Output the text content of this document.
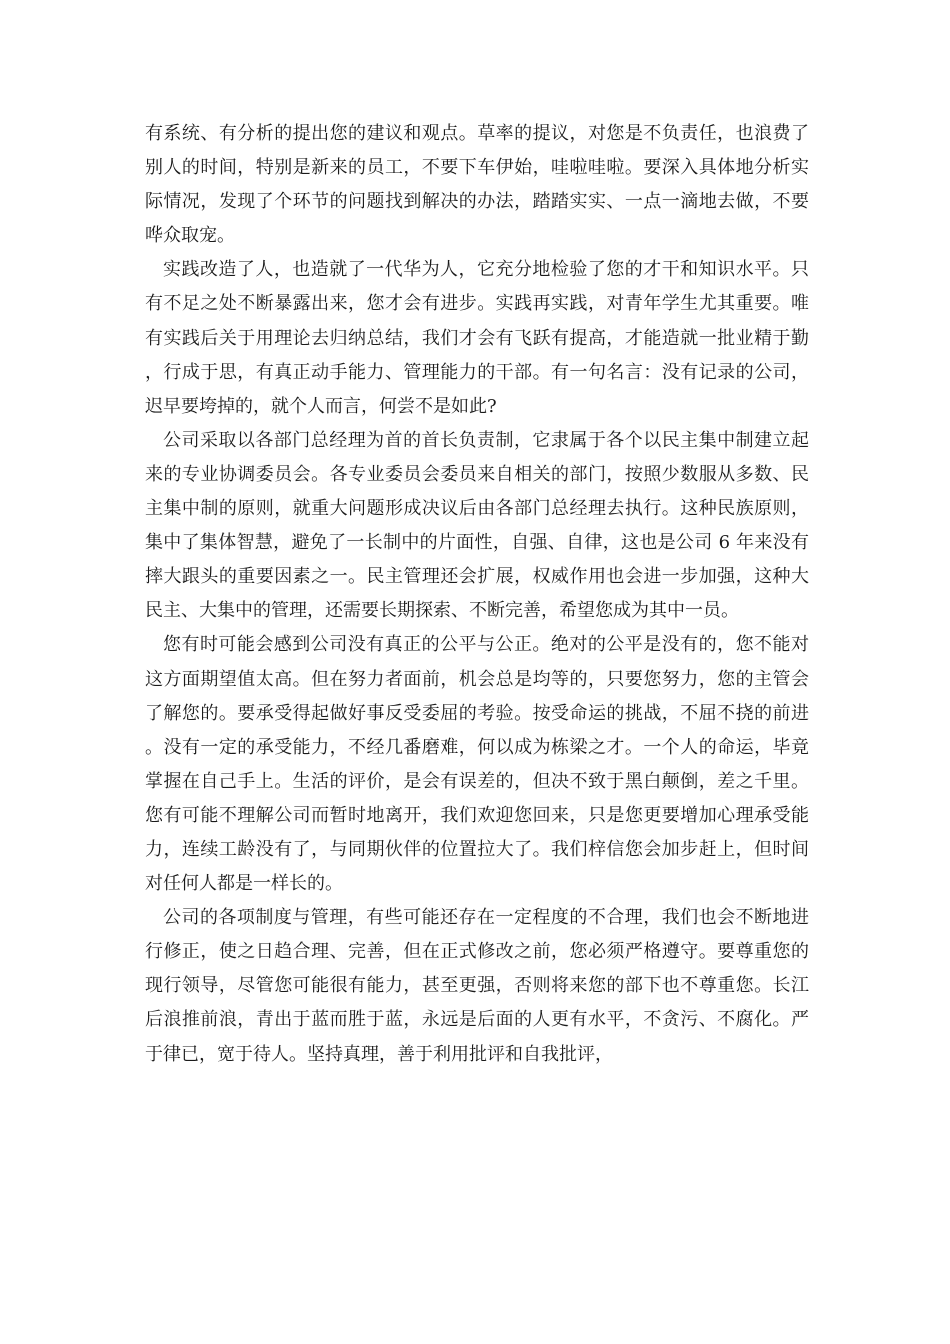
有系统、有分析的提出您的建议和观点。草率的提议，对您是不负责任，也浪费了别人的时间，特别是新来的员工，不要下车伊始，哇啦哇啦。要深入具体地分析实际情况，发现了个环节的问题找到解决的办法，踏踏实实、一点一滴地去做，不要哗众取宠。

实践改造了人，也造就了一代华为人，它充分地检验了您的才干和知识水平。只有不足之处不断暴露出来，您才会有进步。实践再实践，对青年学生尤其重要。唯有实践后关于用理论去归纳总结，我们才会有飞跃有提高，才能造就一批业精于勤，行成于思，有真正动手能力、管理能力的干部。有一句名言：没有记录的公司，迟早要垮掉的，就个人而言，何尝不是如此?

公司采取以各部门总经理为首的首长负责制，它隶属于各个以民主集中制建立起来的专业协调委员会。各专业委员会委员来自相关的部门，按照少数服从多数、民主集中制的原则，就重大问题形成决议后由各部门总经理去执行。这种民族原则，集中了集体智慧，避免了一长制中的片面性，自强、自律，这也是公司 6 年来没有摔大跟头的重要因素之一。民主管理还会扩展，权威作用也会进一步加强，这种大民主、大集中的管理，还需要长期探索、不断完善，希望您成为其中一员。

您有时可能会感到公司没有真正的公平与公正。绝对的公平是没有的，您不能对这方面期望值太高。但在努力者面前，机会总是均等的，只要您努力，您的主管会了解您的。要承受得起做好事反受委屈的考验。按受命运的挑战，不屈不挠的前进。没有一定的承受能力，不经几番磨难，何以成为栋梁之才。一个人的命运，毕竟掌握在自己手上。生活的评价，是会有误差的，但决不致于黑白颠倒，差之千里。您有可能不理解公司而暂时地离开，我们欢迎您回来，只是您更要增加心理承受能力，连续工龄没有了，与同期伙伴的位置拉大了。我们梓信您会加步赶上，但时间对任何人都是一样长的。

公司的各项制度与管理，有些可能还存在一定程度的不合理，我们也会不断地进行修正，使之日趋合理、完善，但在正式修改之前，您必须严格遵守。要尊重您的现行领导，尽管您可能很有能力，甚至更强，否则将来您的部下也不尊重您。长江后浪推前浪，青出于蓝而胜于蓝，永远是后面的人更有水平，不贪污、不腐化。严于律已，宽于待人。坚持真理，善于利用批评和自我批评，
